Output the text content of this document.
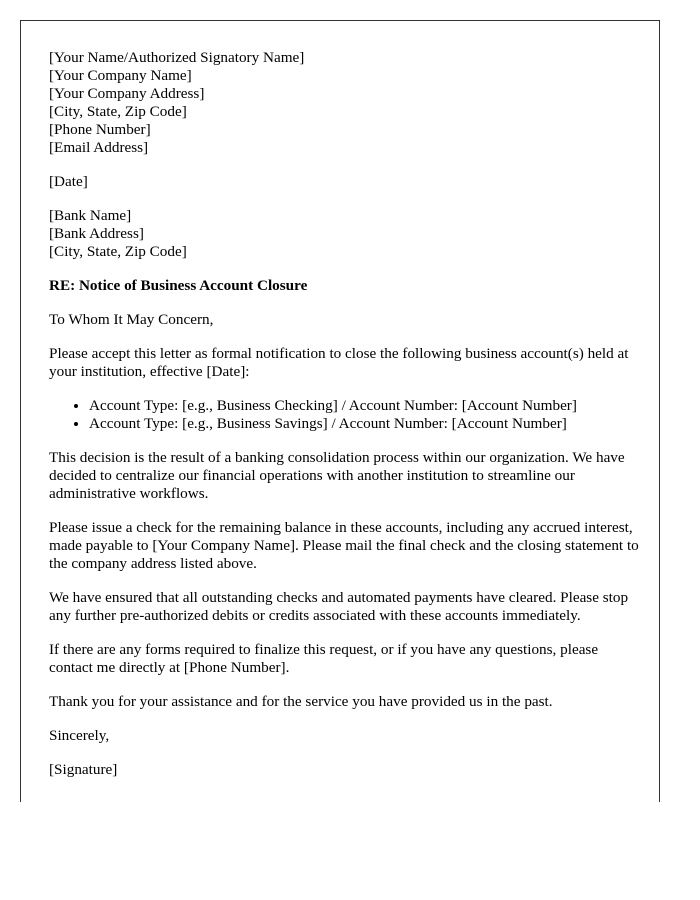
[Your Name/Authorized Signatory Name]
[Your Company Name]
[Your Company Address]
[City, State, Zip Code]
[Phone Number]
[Email Address]
[Date]
[Bank Name]
[Bank Address]
[City, State, Zip Code]
RE: Notice of Business Account Closure
To Whom It May Concern,

Please accept this letter as formal notification to close the following business account(s) held at your institution, effective [Date]:

• Account Type: [e.g., Business Checking] / Account Number: [Account Number]
• Account Type: [e.g., Business Savings] / Account Number: [Account Number]

This decision is the result of a banking consolidation process within our organization. We have decided to centralize our financial operations with another institution to streamline our administrative workflows.

Please issue a check for the remaining balance in these accounts, including any accrued interest, made payable to [Your Company Name]. Please mail the final check and the closing statement to the company address listed above.

We have ensured that all outstanding checks and automated payments have cleared. Please stop any further pre-authorized debits or credits associated with these accounts immediately.

If there are any forms required to finalize this request, or if you have any questions, please contact me directly at [Phone Number].

Thank you for your assistance and for the service you have provided us in the past.

Sincerely,
[Signature]
